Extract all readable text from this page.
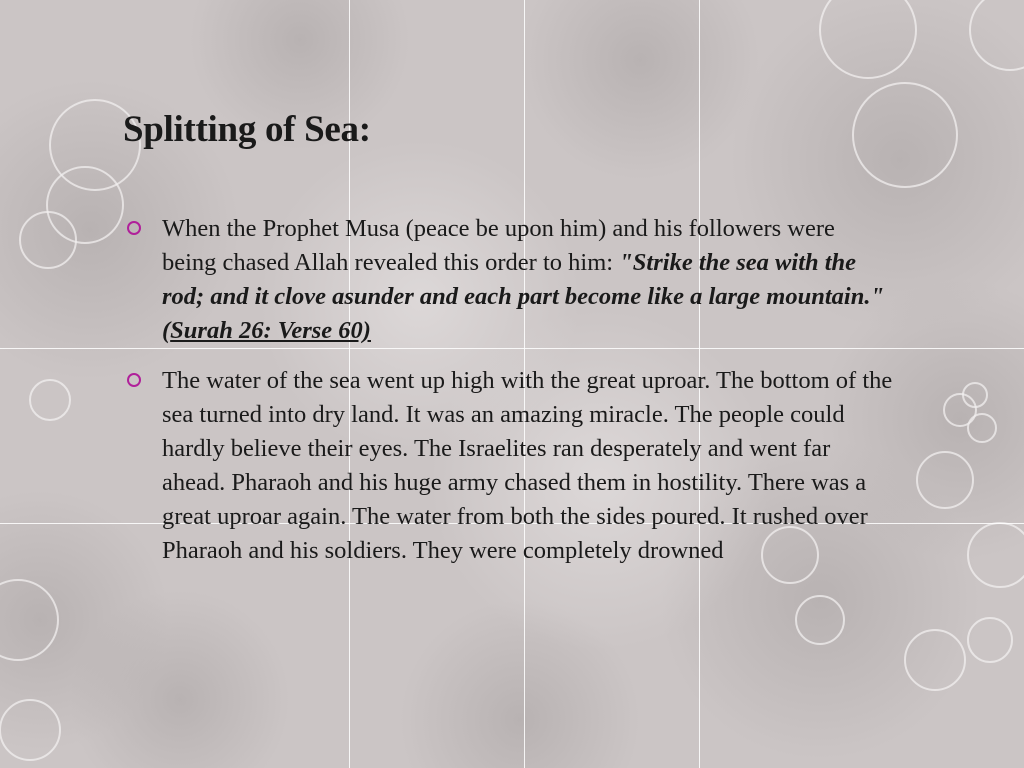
Splitting of Sea:
When the Prophet Musa (peace be upon him) and his followers were being chased Allah revealed this order to him: "Strike the sea with the rod; and it clove asunder and each part become like a large mountain." (Surah 26: Verse 60)
The water of the sea went up high with the great uproar. The bottom of the sea turned into dry land. It was an amazing miracle. The people could hardly believe their eyes. The Israelites ran desperately and went far ahead. Pharaoh and his huge army chased them in hostility. There was a great uproar again. The water from both the sides poured. It rushed over Pharaoh and his soldiers. They were completely drowned
